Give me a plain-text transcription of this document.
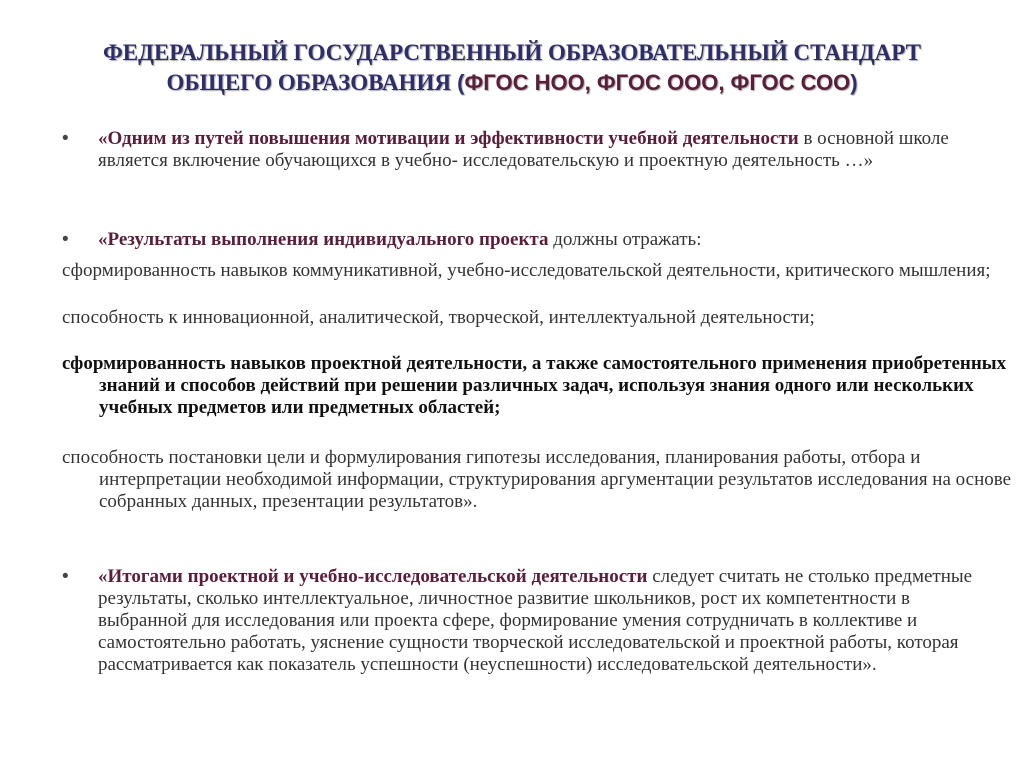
ФЕДЕРАЛЬНЫЙ ГОСУДАРСТВЕННЫЙ ОБРАЗОВАТЕЛЬНЫЙ СТАНДАРТ
ОБЩЕГО ОБРАЗОВАНИЯ (ФГОС НОО, ФГОС ООО, ФГОС СОО)
• «Одним из путей повышения мотивации и эффективности учебной деятельности в основной школе является включение обучающихся в учебно- исследовательскую и проектную деятельность …»
• «Результаты выполнения индивидуального проекта должны отражать:
сформированность навыков коммуникативной, учебно-исследовательской деятельности, критического мышления;
способность к инновационной, аналитической, творческой, интеллектуальной деятельности;
сформированность навыков проектной деятельности, а также самостоятельного применения приобретенных знаний и способов действий при решении различных задач, используя знания одного или нескольких учебных предметов или предметных областей;
способность постановки цели и формулирования гипотезы исследования, планирования работы, отбора и интерпретации необходимой информации, структурирования аргументации результатов исследования на основе собранных данных, презентации результатов».
• «Итогами проектной и учебно-исследовательской деятельности следует считать не столько предметные результаты, сколько интеллектуальное, личностное развитие школьников, рост их компетентности в выбранной для исследования или проекта сфере, формирование умения сотрудничать в коллективе и самостоятельно работать, уяснение сущности творческой исследовательской и проектной работы, которая рассматривается как показатель успешности (неуспешности) исследовательской деятельности».
